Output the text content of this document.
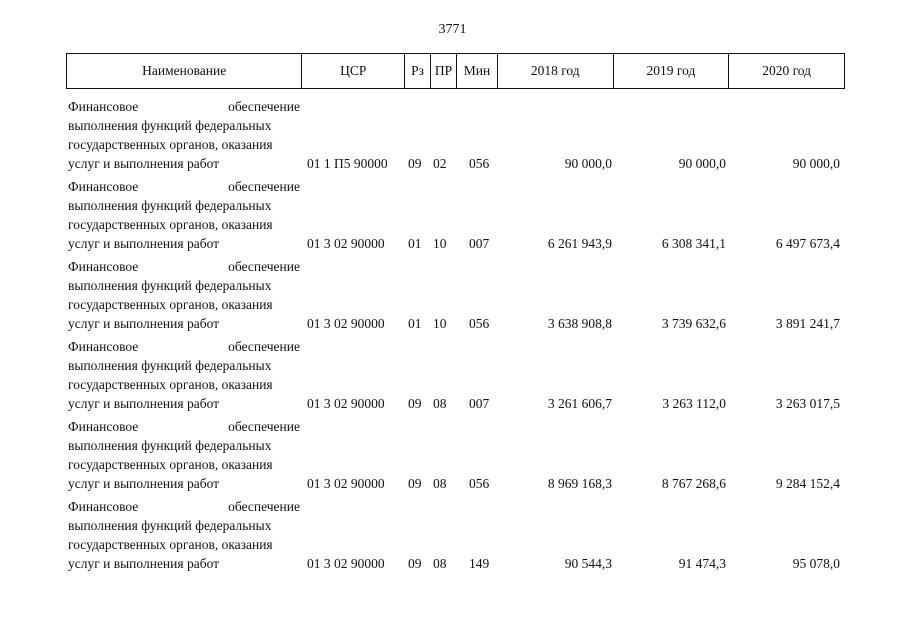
3771
Наименование	ЦСР	Рз ПР Мин	2018 год	2019 год	2020 год
Финансовое	обеспечение
выполнения функций федеральных
государственных органов, оказания
услуг и выполнения работ	01 1 П5 90000 09 02 056	90 000,0	90 000,0	90 000,0
Финансовое	обеспечение
выполнения функций федеральных
государственных органов, оказания
услуг и выполнения работ	01 3 02 90000 01 10 007	6 261 943,9	6 308 341,1	6 497 673,4
Финансовое	обеспечение
выполнения функций федеральных
государственных органов, оказания
услуг и выполнения работ	01 3 02 90000 01 10 056	3 638 908,8	3 739 632,6	3 891 241,7
Финансовое	обеспечение
выполнения функций федеральных
государственных органов, оказания
услуг и выполнения работ	01 3 02 90000 09 08 007	3 261 606,7	3 263 112,0	3 263 017,5
Финансовое	обеспечение
выполнения функций федеральных
государственных органов, оказания
услуг и выполнения работ	01 3 02 90000 09 08 056	8 969 168,3	8 767 268,6	9 284 152,4
Финансовое	обеспечение
выполнения функций федеральных
государственных органов, оказания
услуг и выполнения работ	01 3 02 90000 09 08 149	90 544,3	91 474,3	95 078,0
